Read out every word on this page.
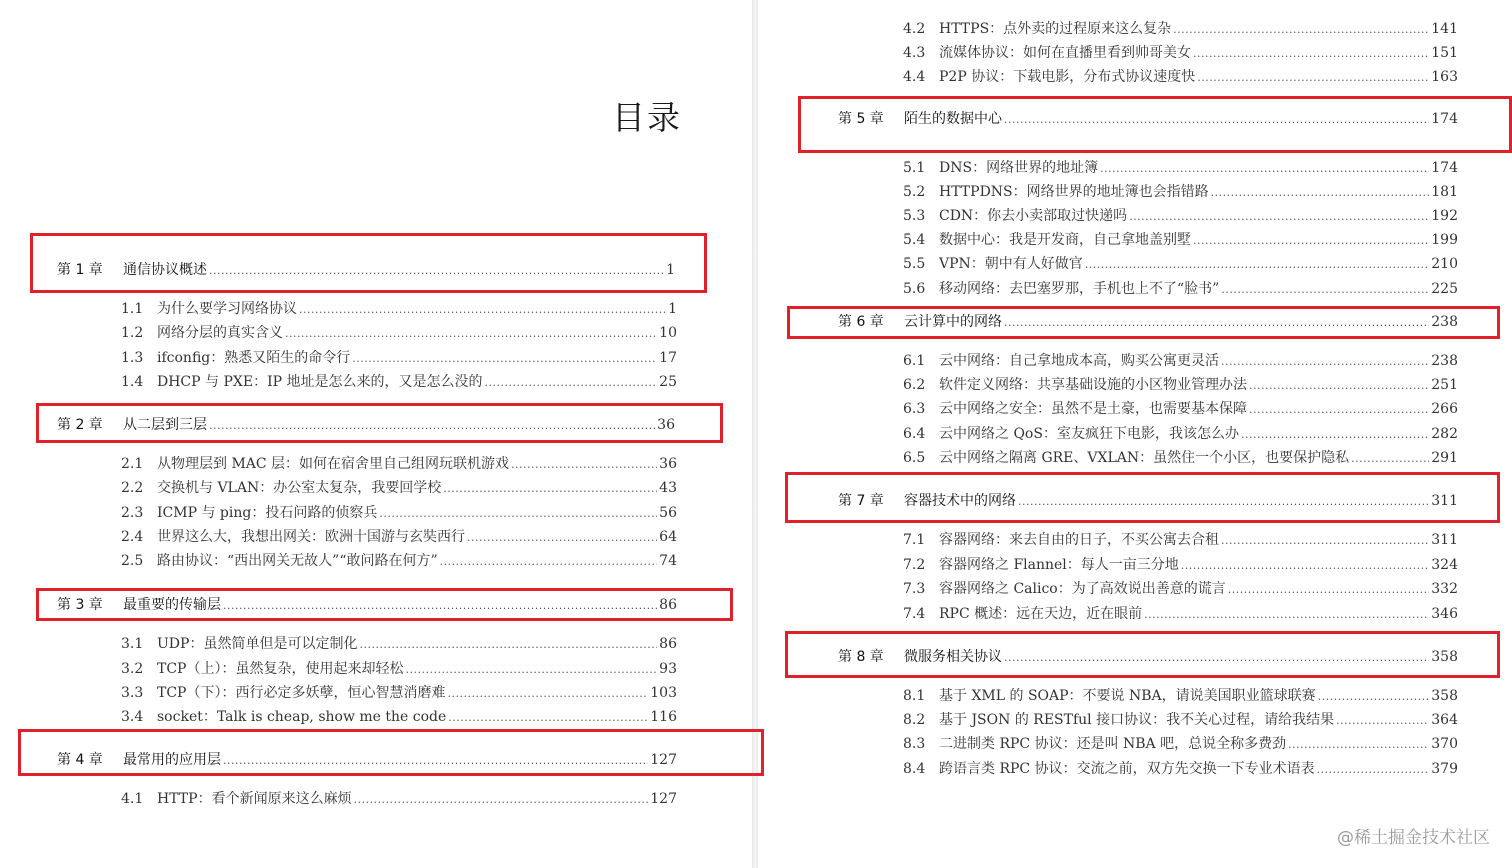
目录
第 1 章	通信协议概述 .....	1
1.1 为什么要学习网络协议 .....	1
1.2 网络分层的真实含义 .....	10
1.3 ifconfig：熟悉又陌生的命令行 .....	17
1.4 DHCP 与 PXE：IP 地址是怎么来的，又是怎么没的 .....	25
第 2 章	从二层到三层 .....	36
2.1 从物理层到 MAC 层：如何在宿舍里自己组网玩联机游戏 .....	36
2.2 交换机与 VLAN：办公室太复杂，我要回学校 .....	43
2.3 ICMP 与 ping：投石问路的侦察兵 .....	56
2.4 世界这么大，我想出网关：欧洲十国游与玄奘西行 .....	64
2.5 路由协议：“西出网关无故人”“敢问路在何方” .....	74
第 3 章	最重要的传输层 .....	86
3.1 UDP：虽然简单但是可以定制化 .....	86
3.2 TCP（上）：虽然复杂，使用起来却轻松 .....	93
3.3 TCP（下）：西行必定多妖孽，恒心智慧消磨难 .....	103
3.4 socket：Talk is cheap, show me the code .....	116
第 4 章	最常用的应用层 .....	127
4.1 HTTP：看个新闻原来这么麻烦 .....	127
4.2 HTTPS：点外卖的过程原来这么复杂 .....	141
4.3 流媒体协议：如何在直播里看到帅哥美女 .....	151
4.4 P2P 协议：下载电影，分布式协议速度快 .....	163
第 5 章	陌生的数据中心 .....	174
5.1 DNS：网络世界的地址簿 .....	174
5.2 HTTPDNS：网络世界的地址簿也会指错路 .....	181
5.3 CDN：你去小卖部取过快递吗 .....	192
5.4 数据中心：我是开发商，自己拿地盖别墅 .....	199
5.5 VPN：朝中有人好做官 .....	210
5.6 移动网络：去巴塞罗那，手机也上不了“脸书” .....	225
第 6 章	云计算中的网络 .....	238
6.1 云中网络：自己拿地成本高，购买公寓更灵活 .....	238
6.2 软件定义网络：共享基础设施的小区物业管理办法 .....	251
6.3 云中网络之安全：虽然不是土豪，也需要基本保障 .....	266
6.4 云中网络之 QoS：室友疯狂下电影，我该怎么办 .....	282
6.5 云中网络之隔离 GRE、VXLAN：虽然住一个小区，也要保护隐私 .....	291
第 7 章	容器技术中的网络 .....	311
7.1 容器网络：来去自由的日子，不买公寓去合租 .....	311
7.2 容器网络之 Flannel：每人一亩三分地 .....	324
7.3 容器网络之 Calico：为了高效说出善意的谎言 .....	332
7.4 RPC 概述：远在天边，近在眼前 .....	346
第 8 章	微服务相关协议 .....	358
8.1 基于 XML 的 SOAP：不要说 NBA，请说美国职业篮球联赛 .....	358
8.2 基于 JSON 的 RESTful 接口协议：我不关心过程，请给我结果 .....	364
8.3 二进制类 RPC 协议：还是叫 NBA 吧，总说全称多费劲 .....	370
8.4 跨语言类 RPC 协议：交流之前，双方先交换一下专业术语表 .....	379
@稀土掘金技术社区
